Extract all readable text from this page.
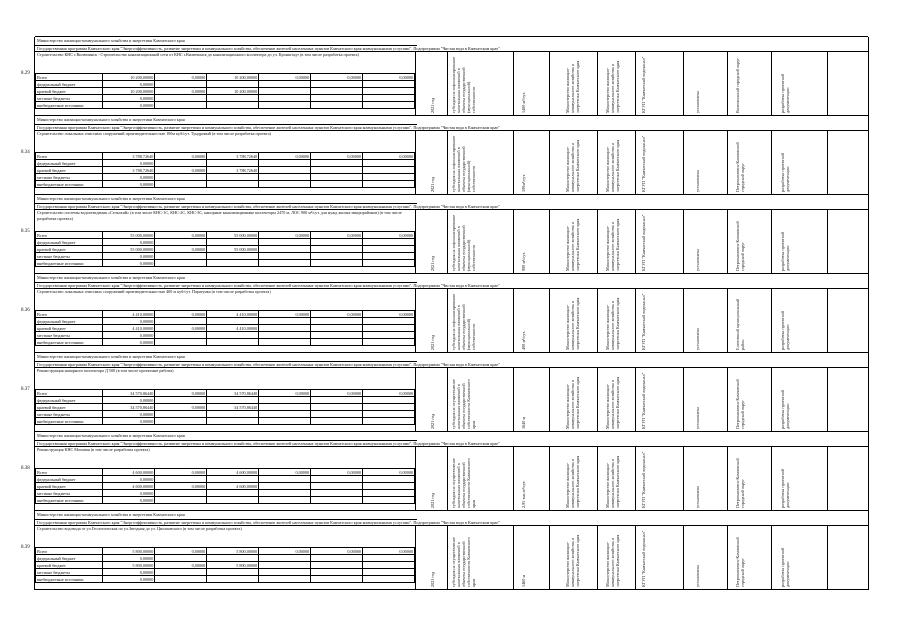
8.29
Министерство жилищно-коммунального хозяйства и энергетики Камчатского края
Государственная программа Камчатского края "Энергоэффективность, развитие энергетики и коммунального хозяйства, обеспечение жителей населенных пунктов Камчатского края коммунальными услугами". Подпрограмма "Чистая вода в Камчатском крае"
Строительство КНС г.Вилючинск - Строительство канализационной сети от КНС г.Вилючинск до канализационного коллектора до ул. Кронштадт (в том числе разработка проекта)
Всего	10 200,00000	0,00000	10 200,00000	0,00000	0,00000	0,00000
федеральный бюджет	0,00000					
краевой бюджет	10 200,00000	0,00000	10 200,00000			
местные бюджеты	0,00000					
внебюджетные источники	0,00000						2021 год	субсидия на софинансирование капитальных вложений в объекты государственной (муниципальной) собственности	1400 м³/сут.	Министерство жилищно-коммунального хозяйства и энергетики Камчатского края	Министерство жилищно-коммунального хозяйства и энергетики Камчатского края	КГУП "Камчатский водоканал"	установлена	Вилючинский городской округ	разработка проектной документации
8.34
Министерство жилищно-коммунального хозяйства и энергетики Камчатского края
Государственная программа Камчатского края "Энергоэффективность, развитие энергетики и коммунального хозяйства, обеспечение жителей населенных пунктов Камчатского края коммунальными услугами". Подпрограмма "Чистая вода в Камчатском крае"
Строительство локальных очистных сооружений производительностью 100м куб/сут. Тундровый (в том числе разработка проекта)
Всего	3 788,72640	0,00000	3 788,72640	0,00000	0,00000	0,00000
федеральный бюджет	0,00000					
краевой бюджет	3 788,72640	0,00000	3 788,72640			
местные бюджеты	0,00000					
внебюджетные источники	0,00000						2021 год	субсидия на софинансирование капитальных вложений в объекты государственной (муниципальной) собственности	100м³/сут.	Министерство жилищно-коммунального хозяйства и энергетики Камчатского края	Министерство жилищно-коммунального хозяйства и энергетики Камчатского края	КГУП "Камчатский водоканал"	установлена	Петропавловск-Камчатский городской округ	разработка проектной документации
8.35
Министерство жилищно-коммунального хозяйства и энергетики Камчатского края
Государственная программа Камчатского края "Энергоэффективность, развитие энергетики и коммунального хозяйства, обеспечение жителей населенных пунктов Камчатского края коммунальными услугами". Подпрограмма "Чистая вода в Камчатском крае"
Строительство системы водоотведения «Сельский» (в том числе КНС-1С, КНС-2С, КНС-3С, напорные канализационные коллекторы 2470 м, ЛОС 900 м³/сут. для нужд жилых микрорайонов) (в том числе разработка проекта)
Всего	55 000,00000	0,00000	55 000,00000	0,00000	0,00000	0,00000
федеральный бюджет	0,00000					
краевой бюджет	55 000,00000	0,00000	55 000,00000			
местные бюджеты	0,00000					
внебюджетные источники	0,00000						2021 год	субсидия на софинансирование капитальных вложений в объекты государственной (муниципальной) собственности	900 м³/сут.	Министерство жилищно-коммунального хозяйства и энергетики Камчатского края	Министерство жилищно-коммунального хозяйства и энергетики Камчатского края	КГУП "Камчатский водоканал"	установлена	Петропавловск-Камчатский городской округ	разработка проектной документации
8.36
Министерство жилищно-коммунального хозяйства и энергетики Камчатского края
Государственная программа Камчатского края "Энергоэффективность, развитие энергетики и коммунального хозяйства, обеспечение жителей населенных пунктов Камчатского края коммунальными услугами". Подпрограмма "Чистая вода в Камчатском крае"
Строительство локальных очистных сооружений производительностью 400 м куб/сут. Паратунка (в том числе разработка проекта)
Всего	4 410,00000	0,00000	4 410,00000	0,00000	0,00000	0,00000
федеральный бюджет	0,00000					
краевой бюджет	4 410,00000	0,00000	4 410,00000			
местные бюджеты	0,00000					
внебюджетные источники	0,00000						2021 год	субсидия на софинансирование капитальных вложений в объекты государственной (муниципальной) собственности	400 м³/сут.	Министерство жилищно-коммунального хозяйства и энергетики Камчатского края	Министерство жилищно-коммунального хозяйства и энергетики Камчатского края	КГУП "Камчатский водоканал"	установлена	Елизовский муниципальный район	разработка проектной документации
8.37
Министерство жилищно-коммунального хозяйства и энергетики Камчатского края
Государственная программа Камчатского края "Энергоэффективность, развитие энергетики и коммунального хозяйства, обеспечение жителей населенных пунктов Камчатского края коммунальными услугами". Подпрограмма "Чистая вода в Камчатском крае"
Реконструкция напорного коллектора Д 500 (в том числе проектные работы)
Всего	34 570,86440	0,00000	34 570,86440	0,00000	0,00000	0,00000
федеральный бюджет	0,00000					
краевой бюджет	34 570,86440	0,00000	34 570,86440			
местные бюджеты	0,00000					
внебюджетные источники	0,00000						2021 год	субсидия на осуществление капитальных вложений в объекты государственной собственности Камчатского края	1640 м	Министерство жилищно-коммунального хозяйства и энергетики Камчатского края	Министерство жилищно-коммунального хозяйства и энергетики Камчатского края	КГУП "Камчатский водоканал"	установлена	Петропавловск-Камчатский городской округ	разработка проектной документации
8.38
Министерство жилищно-коммунального хозяйства и энергетики Камчатского края
Государственная программа Камчатского края "Энергоэффективность, развитие энергетики и коммунального хозяйства, обеспечение жителей населенных пунктов Камчатского края коммунальными услугами". Подпрограмма "Чистая вода в Камчатском крае"
Реконструкция КНС Моховая (в том числе разработка проекта)
Всего	4 600,00000	0,00000	4 600,00000	0,00000	0,00000	0,00000
федеральный бюджет	0,00000					
краевой бюджет	4 600,00000	0,00000	4 600,00000			
местные бюджеты	0,00000					
внебюджетные источники	0,00000						2021 год	субсидия на осуществление капитальных вложений в объекты государственной собственности Камчатского края	2,95 тыс.м³/сут.	Министерство жилищно-коммунального хозяйства и энергетики Камчатского края	Министерство жилищно-коммунального хозяйства и энергетики Камчатского края	КГУП "Камчатский водоканал"	установлена	Петропавловск-Камчатский городской округ	разработка проектной документации
8.39
Министерство жилищно-коммунального хозяйства и энергетики Камчатского края
Государственная программа Камчатского края "Энергоэффективность, развитие энергетики и коммунального хозяйства, обеспечение жителей населенных пунктов Камчатского края коммунальными услугами". Подпрограмма "Чистая вода в Камчатском крае"
Строительство водовода от ул.Геологическая по ул.Звездная до ул. Циолковского (в том числе разработка проекта)
Всего	5 800,00000	0,00000	5 800,00000	0,00000	0,00000	0,00000
федеральный бюджет	0,00000					
краевой бюджет	5 800,00000	0,00000	5 800,00000			
местные бюджеты	0,00000					
внебюджетные источники	0,00000						2021 год	субсидия на осуществление капитальных вложений в объекты государственной собственности Камчатского края	1460 м	Министерство жилищно-коммунального хозяйства и энергетики Камчатского края	Министерство жилищно-коммунального хозяйства и энергетики Камчатского края	КГУП "Камчатский водоканал"	установлена	Петропавловск-Камчатский городской округ	разработка проектной документации
